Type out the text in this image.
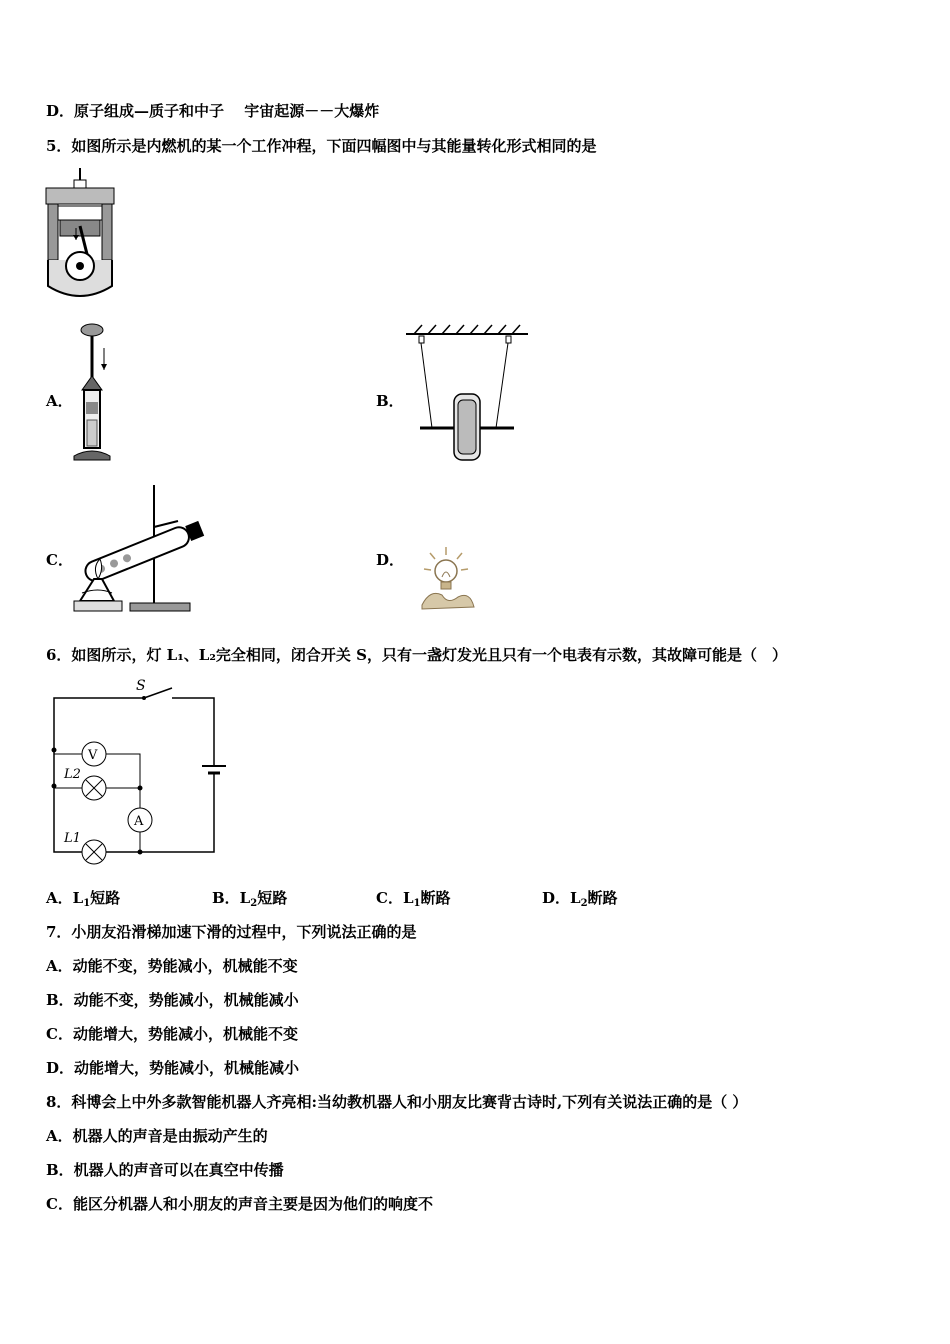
D．原子组成—质子和中子　 宇宙起源－－大爆炸
5．如图所示是内燃机的某一个工作冲程，下面四幅图中与其能量转化形式相同的是
A．	B．
C．	D．
6．如图所示，灯 L₁、L₂完全相同，闭合开关 S，只有一盏灯发光且只有一个电表有示数，其故障可能是（　）
S
V
L2
A
L1
A．$L_1$短路	B．$L_2$短路	C．$L_1$断路	D．$L_2$断路
7．小朋友沿滑梯加速下滑的过程中，下列说法正确的是
A．动能不变，势能减小，机械能不变
B．动能不变，势能减小，机械能减小
C．动能增大，势能减小，机械能不变
D．动能增大，势能减小，机械能减小
8．科博会上中外多款智能机器人齐亮相:当幼教机器人和小朋友比赛背古诗时,下列有关说法正确的是（ ）
A．机器人的声音是由振动产生的
B．机器人的声音可以在真空中传播
C．能区分机器人和小朋友的声音主要是因为他们的响度不
